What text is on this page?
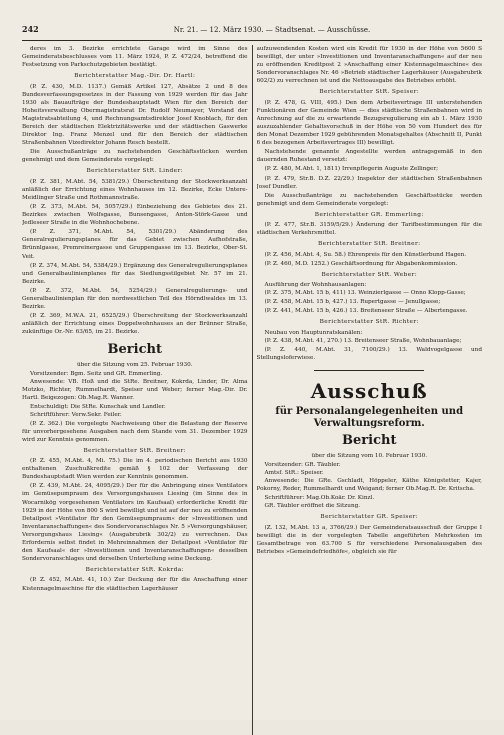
242	Nr. 21. — 12. März 1930. — Stadtsenat. — Ausschüsse.

deres im 3. Bezirke errichtete Garage wird im Sinne des Gemeinderatsbeschlusses vom 11. März 1924, P. Z. 472/24, betreffend die Festsetzung von Parkschutzgebieten bestätigt.

Berichterstatter Mag.-Dir. Dr. Hartl:

(P. Z. 430, M.D. 1137.) Gemäß Artikel 127, Absätze 2 und 8 des Bundesverfassungsgesetzes in der Fassung von 1929 werden für das Jahr 1930 als Bauaufträge der Bundeshauptstadt Wien für den Bereich der Hoheitsverwaltung Obermagistratsrat Dr. Rudolf Neumayer, Vorstand der Magistratsabteilung 4, und Rechnungsamtsdirektor Josef Knoblach, für den Bereich der städtischen Elektrizitätswerke und der städtischen Gaswerke Direktor Ing. Franz Menzel und für den Bereich der städtischen Straßenbahnen Vizedirektor Johann Resch bestellt.

Die Ausschußanträge zu nachstehenden Geschäftsstücken werden genehmigt und dem Gemeinderate vorgelegt:

Berichterstatter StR. Linder:

(P. Z. 381, M.Abt. 54, 5381/29.) Überschreitung der Stockwerksanzahl anläßlich der Errichtung eines Wohnhauses im 12. Bezirke, Ecke Untere-Meidlinger Straße und Rothmannstraße.

(P. Z. 373, M.Abt. 54, 5057/29.) Einbeziehung des Gebietes des 21. Bezirkes zwischen Wolfsgasse, Bunsengasse, Anton-Störk-Gasse und Jedleseer Straße in die Wohnhochebene.

(P. Z. 371, M.Abt. 54, 5301/29.) Abänderung des Generalregulierungsplanes für das Gebiet zwischen Aufhofstraße, Brünnlgasse, Premreinergasse und Gruppengasse im 13. Bezirke, Ober-St. Veit.

(P. Z. 374, M.Abt. 54, 5384/29.) Ergänzung des Generalregulierungsplanes und Generalbaulinienplanes für das Siedlungsstilgebiet Nr. 57 im 21. Bezirke.

(P. Z. 372, M.Abt. 54, 5254/29.) Generalregulierungs- und Generalbaulinienplan für den nordwestlichen Teil des Hörndlwaldes im 13. Bezirke.

(P. Z. 369, M.W.A. 21, 6525/29.) Überschreitung der Stockwerksanzahl anläßlich der Errichtung eines Doppelwohnhauses an der Brünner Straße, zukünftige Or.-Nr. 63/65, im 21. Bezirke.

Bericht

über die Sitzung vom 25. Februar 1930.

Vorsitzender: Bgm. Seitz und GR. Emmerling.

Anwesende: VB. Hoß und die StRe. Breitner, Kokrda, Linder, Dr. Alma Motzko, Richter, Rummelhardt, Speiser und Weber; ferner Mag.-Dir. Dr. Hartl. Beigezogen: Ob.Mag.R. Wanner.

Entschuldigt: Die StRe. Kunschak und Landler.

Schriftführer: Verw.Sekr. Feiler.

(P. Z. 362.) Die vorgelegte Nachweisung über die Belastung der Reserve für unvorhergesehene Ausgaben nach dem Stande vom 31. Dezember 1929 wird zur Kenntnis genommen.

Berichterstatter StR. Breitner:

(P. Z. 455, M.Abt. 4, Mi. 75.) Die im 4. periodischen Bericht aus 1930 enthaltenen Zuschußkredite gemäß § 102 der Verfassung der Bundeshauptstadt Wien werden zur Kenntnis genommen.

(P. Z. 439, M.Abt. 24, 4095/29.) Der für die Anbringung eines Ventilators im Gemüsepumpraum des Versorgungshauses Liesing (im Sinne des in Wocarnikög vorgesehenen Ventilators im Kaufsaal) erforderliche Kredit für 1929 in der Höhe von 800 S wird bewilligt und ist auf der neu zu eröffnenden Detailpost »Ventilator für den Gemüsepumpraum« der »Investitionen und Inventaranschaffungen« des Sondervoranschlages Nr. 5 »Versorgungshäuser, Versorgungshaus Liesing« (Ausgabrubrik 302/2) zu verrechnen. Das Erfordernis selbst findet in Mehreinnahmen der Detailpost »Ventilator für den Kaufsaal« der »Investitionen und Inventaranschaffungen« desselben Sondervoranschlages und derselben Unterteilung seine Deckung.

Berichterstatter StR. Kokrda:

(P. Z. 452, M.Abt. 41, 10.) Zur Deckung der für die Anschaffung einer Kistennagelmaschine für die städtischen Lagerhäuser

aufzuwendenden Kosten wird ein Kredit für 1930 in der Höhe von 5600 S bewilligt, der unter »Investitionen und Inventaranschaffungen« auf der neu zu eröffnenden Kreditpost 2 »Anschaffung einer Kistennagelmaschine« des Sondervoranschlages Nr. 46 »Betrieb städtischer Lagerhäuser (Ausgabrubrik 602/2) zu verrechnen ist und die Nettoausgabe des Betriebes erhöht.

Berichterstatter StR. Speiser:

(P. Z. 478, G. VIII, 495.) Den dem Arbeitsvertrage III unterstehenden Funktionären der Gemeinde Wien — dies städtische Straßenbahnen wird in Anrechnung auf die zu erwartende Bezugsregulierung ein ab 1. März 1930 auszuzahlender Gehaltsvorschuß in der Höhe von 50 vom Hundert des für den Monat Dezember 1929 gebührenden Monatsgehaltes (Abschnitt II, Punkt 6 des bezogenen Arbeitsvertrages III) bewilligt.

Nachstehende genannte Angestellte werden antragsgemäß in den dauernden Ruhestand versetzt:

(P. Z. 480, M.Abt. 1, 1811) Irrenpflegerin Auguste Zellinger;

(P. Z. 479, Str.B. D.Z. 22/29.) Inspektor der städtischen Straßenbahnen Josef Dundler.

Die Ausschußanträge zu nachstehenden Geschäftsstücke werden genehmigt und dem Gemeinderate vorgelegt:

Berichterstatter GR. Emmerling:

(P. Z. 477, Str.B. 3159/5/29.) Änderung der Tarifbestimmungen für die städtischen Verkehrsmittel.

Berichterstatter StR. Breitner:

(P. Z. 456, M.Abt. 4, Su. 58.) Ehrenpreis für den Künstlerbund Hagen.

(P. Z. 460, M.D. 1252.) Geschäftsordnung für Abgabenkommission.

Berichterstatter StR. Weber:

Ausführung der Wohnhausanlagen:

(P. Z. 375, M.Abt. 15 b, 411) 13. Weinzierlgasse — Onno Klopp-Gasse;

(P. Z. 458, M.Abt. 15 b, 427.) 13. Rupertgasse — Jenullgasse;

(P. Z. 441, M.Abt. 15 b, 426.) 13. Breitenseer Straße — Albertengasse.

Berichterstatter StR. Richter:

Neubau von Hauptunratskanälen:

(P. Z. 438, M.Abt. 41, 270.) 13. Breitenseer Straße, Wohnbauanlage;

(P. Z. 440, M.Abt. 31, 7100/29.) 13. Waldvogelgasse und Stellungsloferwiese.

Ausschuß
für Personalangelegenheiten und Verwaltungsreform.
Bericht

über die Sitzung vom 10. Februar 1930.

Vorsitzender: GR. Täubler.

Amtsf. StR.: Speiser.

Anwesende: Die GRe. Gschladt, Höppeler, Käthe Königstetter, Kajer, Pokorny, Reder, Rummelhardt und Weigand; ferner Ob.Mag.R. Dr. Kritscha.

Schriftführer: Mag.Ob.Koär. Dr. Kinzl.

GR. Täubler eröffnet die Sitzung.

Berichterstatter GR. Speiser:

(Z. 132, M.Abt. 13 a, 3766/29.) Der Gemeinderatsausschuß der Gruppe I bewilligt die in der vorgelegten Tabelle angeführten Mehrkosten im Gesamtbetrage von 63.700 S für verschiedene Personalausgaben des Betriebes »Gemeindefriedhöfe«, obgleich sie für
